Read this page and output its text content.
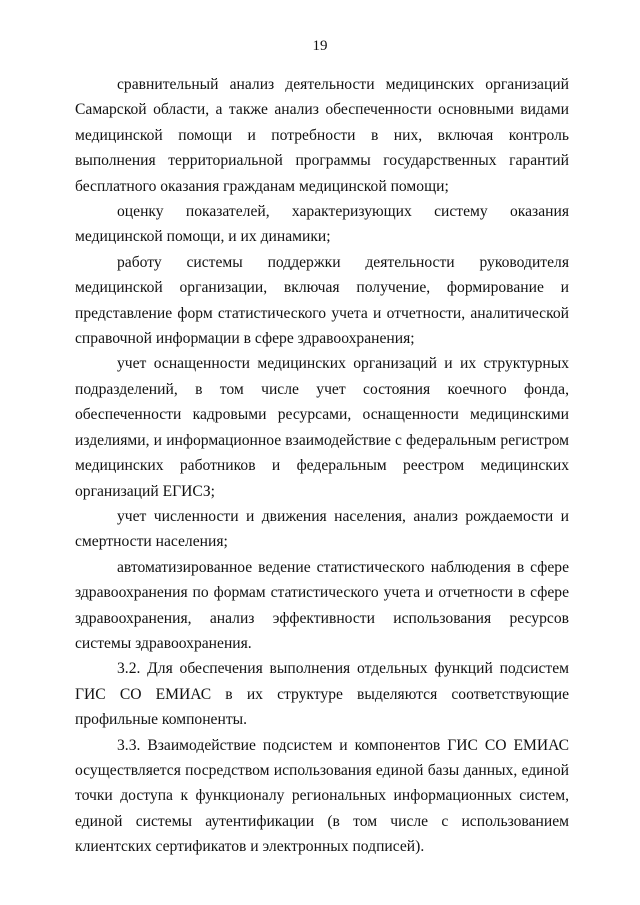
19

сравнительный анализ деятельности медицинских организаций Самарской области, а также анализ обеспеченности основными видами медицинской помощи и потребности в них, включая контроль выполнения территориальной программы государственных гарантий бесплатного оказания гражданам медицинской помощи;

оценку показателей, характеризующих систему оказания медицинской помощи, и их динамики;

работу системы поддержки деятельности руководителя медицинской организации, включая получение, формирование и представление форм статистического учета и отчетности, аналитической справочной информации в сфере здравоохранения;

учет оснащенности медицинских организаций и их структурных подразделений, в том числе учет состояния коечного фонда, обеспеченности кадровыми ресурсами, оснащенности медицинскими изделиями, и информационное взаимодействие с федеральным регистром медицинских работников и федеральным реестром медицинских организаций ЕГИСЗ;

учет численности и движения населения, анализ рождаемости и смертности населения;

автоматизированное ведение статистического наблюдения в сфере здравоохранения по формам статистического учета и отчетности в сфере здравоохранения, анализ эффективности использования ресурсов системы здравоохранения.

3.2. Для обеспечения выполнения отдельных функций подсистем ГИС СО ЕМИАС в их структуре выделяются соответствующие профильные компоненты.

3.3. Взаимодействие подсистем и компонентов ГИС СО ЕМИАС осуществляется посредством использования единой базы данных, единой точки доступа к функционалу региональных информационных систем, единой системы аутентификации (в том числе с использованием клиентских сертификатов и электронных подписей).
